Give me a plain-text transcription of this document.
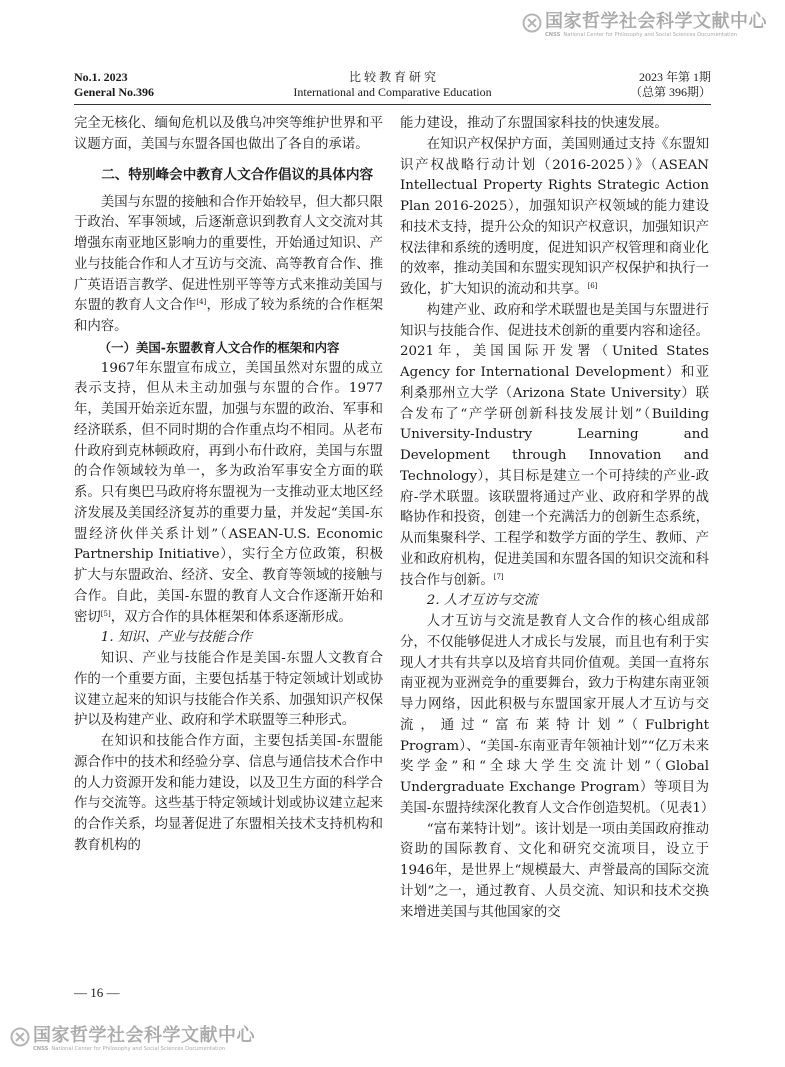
国家哲学社会科学文献中心
CNSS National Center for Philosophy and Social Sciences Documentation
No.1. 2023
General No.396
比 较 教 育 研 究
International and Comparative Education
2023 年第 1期
（总第 396期）

完全无核化、缅甸危机以及俄乌冲突等维护世界和平议题方面，美国与东盟各国也做出了各自的承诺。

二、特别峰会中教育人文合作倡议的具体内容

美国与东盟的接触和合作开始较早，但大都只限于政治、军事领域，后逐渐意识到教育人文交流对其增强东南亚地区影响力的重要性，开始通过知识、产业与技能合作和人才互访与交流、高等教育合作、推广英语语言教学、促进性别平等等方式来推动美国与东盟的教育人文合作[4]，形成了较为系统的合作框架和内容。

（一）美国-东盟教育人文合作的框架和内容

1967年东盟宣布成立，美国虽然对东盟的成立表示支持，但从未主动加强与东盟的合作。1977年，美国开始亲近东盟，加强与东盟的政治、军事和经济联系，但不同时期的合作重点均不相同。从老布什政府到克林顿政府，再到小布什政府，美国与东盟的合作领域较为单一，多为政治军事安全方面的联系。只有奥巴马政府将东盟视为一支推动亚太地区经济发展及美国经济复苏的重要力量，并发起“美国-东盟经济伙伴关系计划”（ASEAN-U.S. Economic Partnership Initiative），实行全方位政策，积极扩大与东盟政治、经济、安全、教育等领域的接触与合作。自此，美国-东盟的教育人文合作逐渐开始和密切[5]，双方合作的具体框架和体系逐渐形成。

1. 知识、产业与技能合作

知识、产业与技能合作是美国-东盟人文教育合作的一个重要方面，主要包括基于特定领域计划或协议建立起来的知识与技能合作关系、加强知识产权保护以及构建产业、政府和学术联盟等三种形式。

在知识和技能合作方面，主要包括美国-东盟能源合作中的技术和经验分享、信息与通信技术合作中的人力资源开发和能力建设，以及卫生方面的科学合作与交流等。这些基于特定领域计划或协议建立起来的合作关系，均显著促进了东盟相关技术支持机构和教育机构的

能力建设，推动了东盟国家科技的快速发展。

在知识产权保护方面，美国则通过支持《东盟知识产权战略行动计划（2016-2025）》（ASEAN Intellectual Property Rights Strategic Action Plan 2016-2025），加强知识产权领域的能力建设和技术支持，提升公众的知识产权意识，加强知识产权法律和系统的透明度，促进知识产权管理和商业化的效率，推动美国和东盟实现知识产权保护和执行一致化，扩大知识的流动和共享。[6]

构建产业、政府和学术联盟也是美国与东盟进行知识与技能合作、促进技术创新的重要内容和途径。2021年，美国国际开发署（United States Agency for International Development）和亚利桑那州立大学（Arizona State University）联合发布了“产学研创新科技发展计划”（Building University-Industry Learning and Development through Innovation and Technology），其目标是建立一个可持续的产业-政府-学术联盟。该联盟将通过产业、政府和学界的战略协作和投资，创建一个充满活力的创新生态系统，从而集聚科学、工程学和数学方面的学生、教师、产业和政府机构，促进美国和东盟各国的知识交流和科技合作与创新。[7]

2. 人才互访与交流

人才互访与交流是教育人文合作的核心组成部分，不仅能够促进人才成长与发展，而且也有利于实现人才共有共享以及培育共同价值观。美国一直将东南亚视为亚洲竞争的重要舞台，致力于构建东南亚领导力网络，因此积极与东盟国家开展人才互访与交流，通过“富布莱特计划”（Fulbright Program）、“美国-东南亚青年领袖计划”“亿万未来奖学金”和“全球大学生交流计划”（Global Undergraduate Exchange Program）等项目为美国-东盟持续深化教育人文合作创造契机。（见表1）

“富布莱特计划”。该计划是一项由美国政府推动资助的国际教育、文化和研究交流项目，设立于1946年，是世界上“规模最大、声誉最高的国际交流计划”之一，通过教育、人员交流、知识和技术交换来增进美国与其他国家的交

— 16 —
国家哲学社会科学文献中心
CNSS National Center for Philosophy and Social Sciences Documentation
